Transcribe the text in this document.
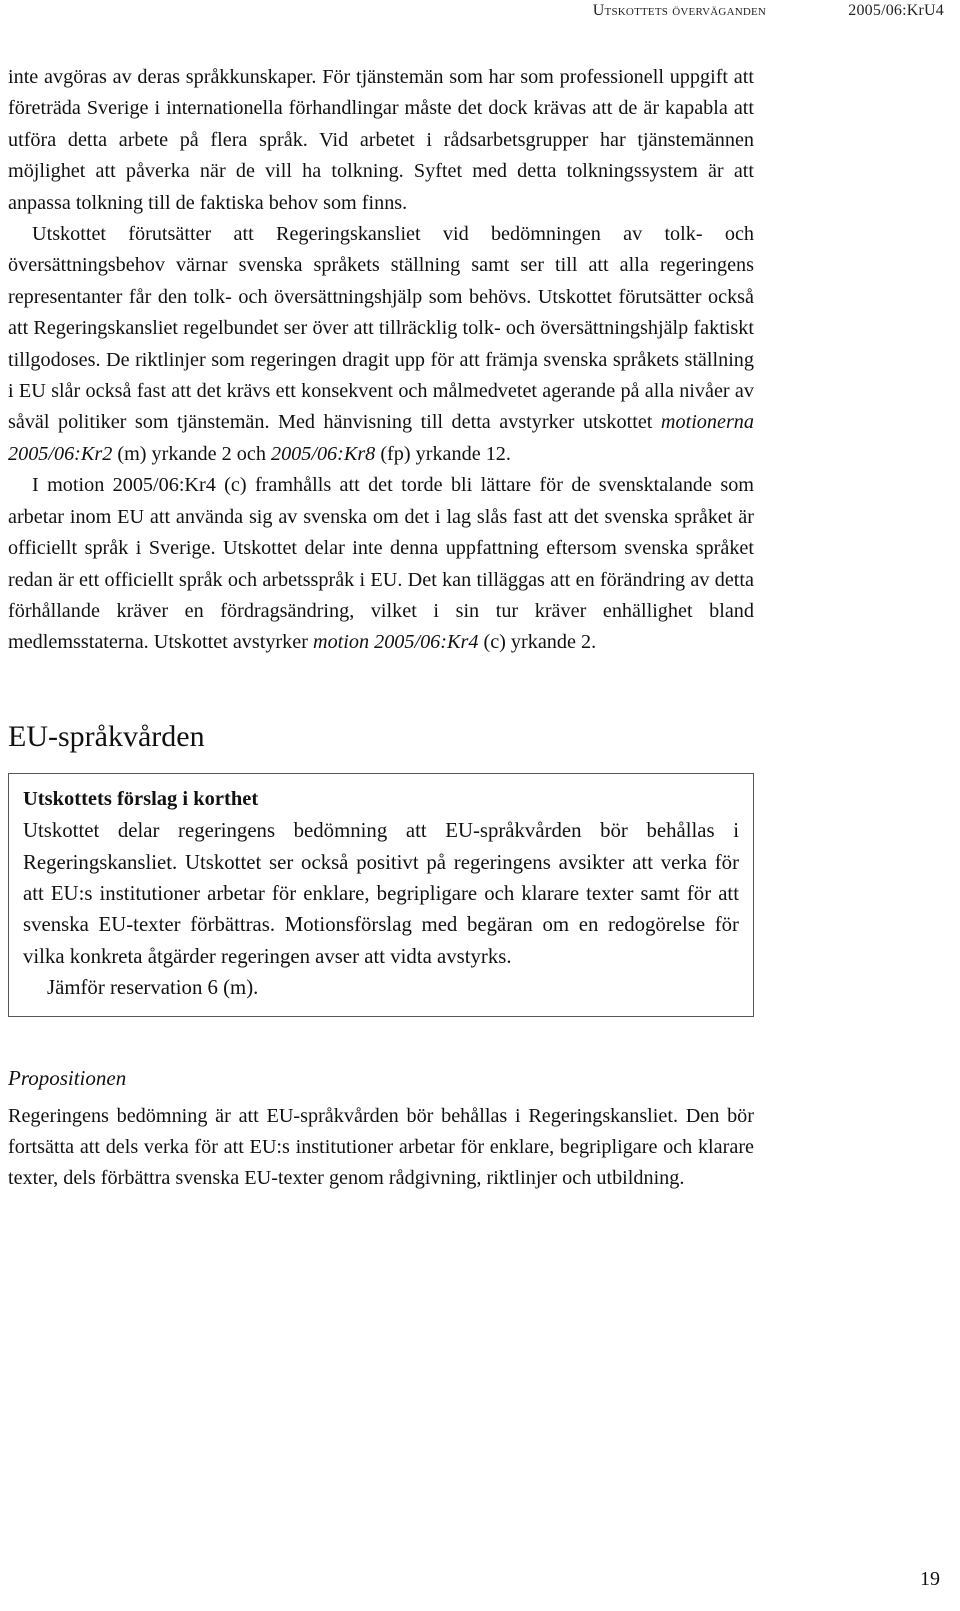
Utskottets överväganden	2005/06:KrU4

inte avgöras av deras språkkunskaper. För tjänstemän som har som professionell uppgift att företräda Sverige i internationella förhandlingar måste det dock krävas att de är kapabla att utföra detta arbete på flera språk. Vid arbetet i rådsarbetsgrupper har tjänstemännen möjlighet att påverka när de vill ha tolkning. Syftet med detta tolkningssystem är att anpassa tolkning till de faktiska behov som finns.

Utskottet förutsätter att Regeringskansliet vid bedömningen av tolk- och översättningsbehov värnar svenska språkets ställning samt ser till att alla regeringens representanter får den tolk- och översättningshjälp som behövs. Utskottet förutsätter också att Regeringskansliet regelbundet ser över att tillräcklig tolk- och översättningshjälp faktiskt tillgodoses. De riktlinjer som regeringen dragit upp för att främja svenska språkets ställning i EU slår också fast att det krävs ett konsekvent och målmedvetet agerande på alla nivåer av såväl politiker som tjänstemän. Med hänvisning till detta avstyrker utskottet motionerna 2005/06:Kr2 (m) yrkande 2 och 2005/06:Kr8 (fp) yrkande 12.

I motion 2005/06:Kr4 (c) framhålls att det torde bli lättare för de svensktalande som arbetar inom EU att använda sig av svenska om det i lag slås fast att det svenska språket är officiellt språk i Sverige. Utskottet delar inte denna uppfattning eftersom svenska språket redan är ett officiellt språk och arbetsspråk i EU. Det kan tilläggas att en förändring av detta förhållande kräver en fördragsändring, vilket i sin tur kräver enhällighet bland medlemsstaterna. Utskottet avstyrker motion 2005/06:Kr4 (c) yrkande 2.

EU-språkvården
Utskottets förslag i korthet

Utskottet delar regeringens bedömning att EU-språkvården bör behållas i Regeringskansliet. Utskottet ser också positivt på regeringens avsikter att verka för att EU:s institutioner arbetar för enklare, begripligare och klarare texter samt för att svenska EU-texter förbättras. Motionsförslag med begäran om en redogörelse för vilka konkreta åtgärder regeringen avser att vidta avstyrks.

Jämför reservation 6 (m).
Propositionen

Regeringens bedömning är att EU-språkvården bör behållas i Regeringskansliet. Den bör fortsätta att dels verka för att EU:s institutioner arbetar för enklare, begripligare och klarare texter, dels förbättra svenska EU-texter genom rådgivning, riktlinjer och utbildning.

19
